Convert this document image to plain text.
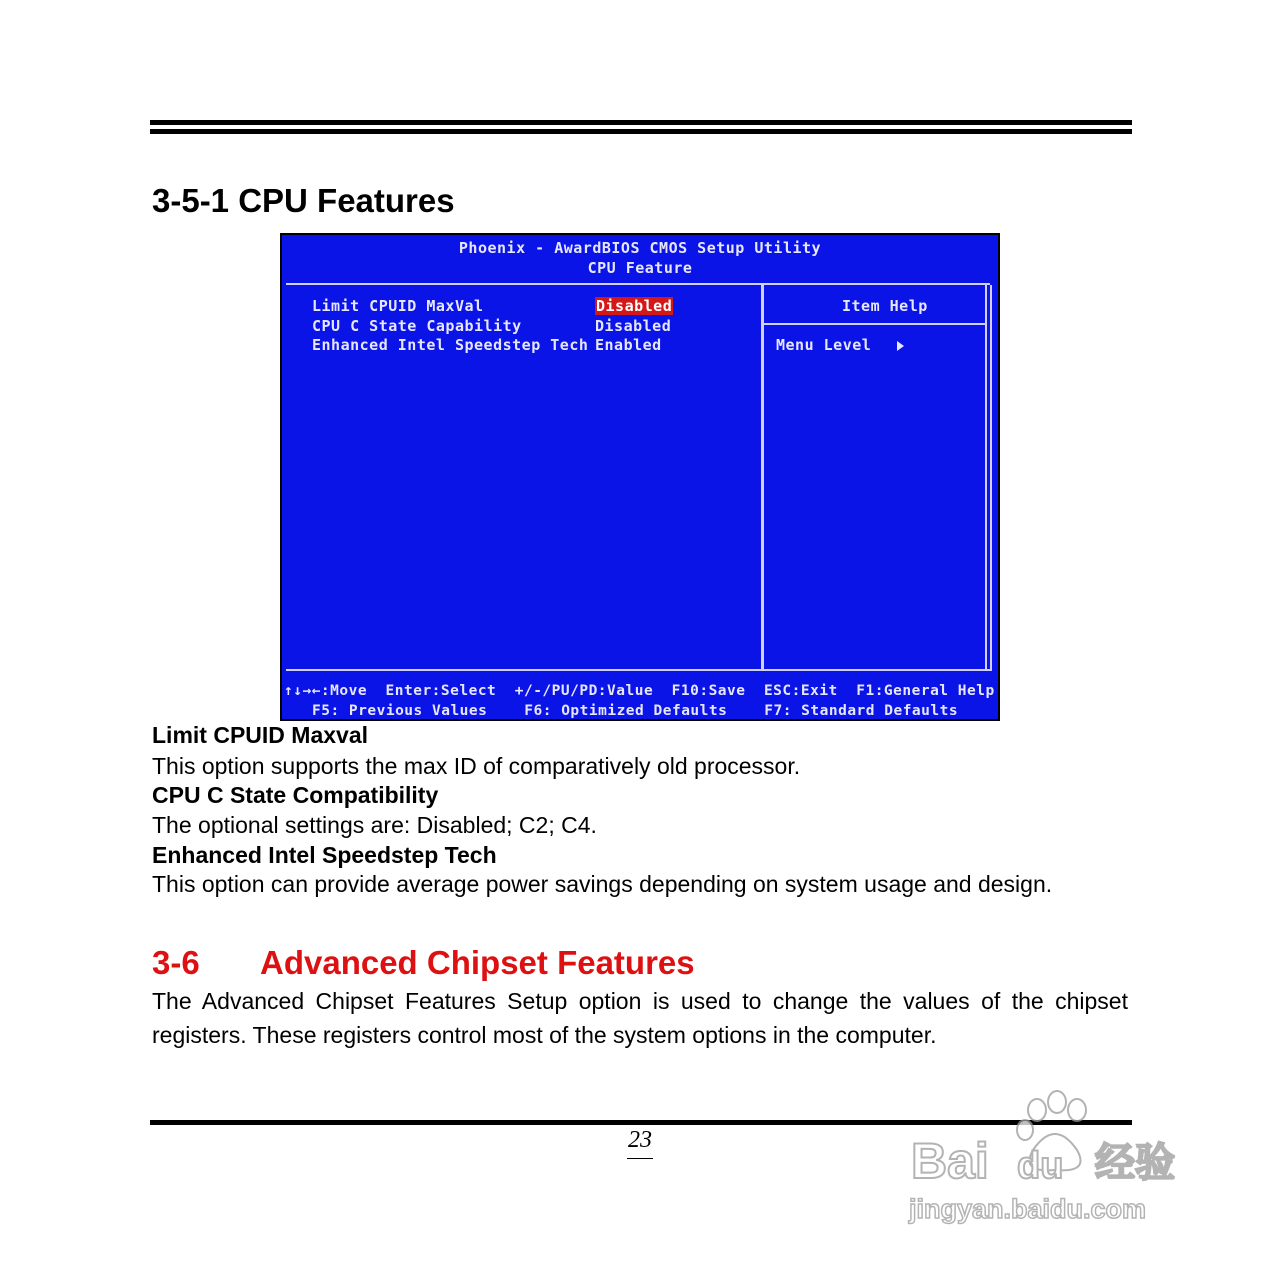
3-5-1 CPU Features
Phoenix - AwardBIOS CMOS Setup Utility
CPU Feature
Limit CPUID MaxVal	Disabled
CPU C State Capability	Disabled
Enhanced Intel Speedstep Tech Enabled
Item Help
Menu Level
↑↓→←:Move  Enter:Select  +/-/PU/PD:Value  F10:Save  ESC:Exit  F1:General Help
F5: Previous Values    F6: Optimized Defaults    F7: Standard Defaults
Limit CPUID Maxval

This option supports the max ID of comparatively old processor.

CPU C State Compatibility

The optional settings are: Disabled; C2; C4.

Enhanced Intel Speedstep Tech

This option can provide average power savings depending on system usage and design.

3-6 Advanced Chipset Features

The Advanced Chipset Features Setup option is used to change the values of the chipset registers. These registers control most of the system options in the computer.

23	Bai du 经验
jingyan.baidu.com
